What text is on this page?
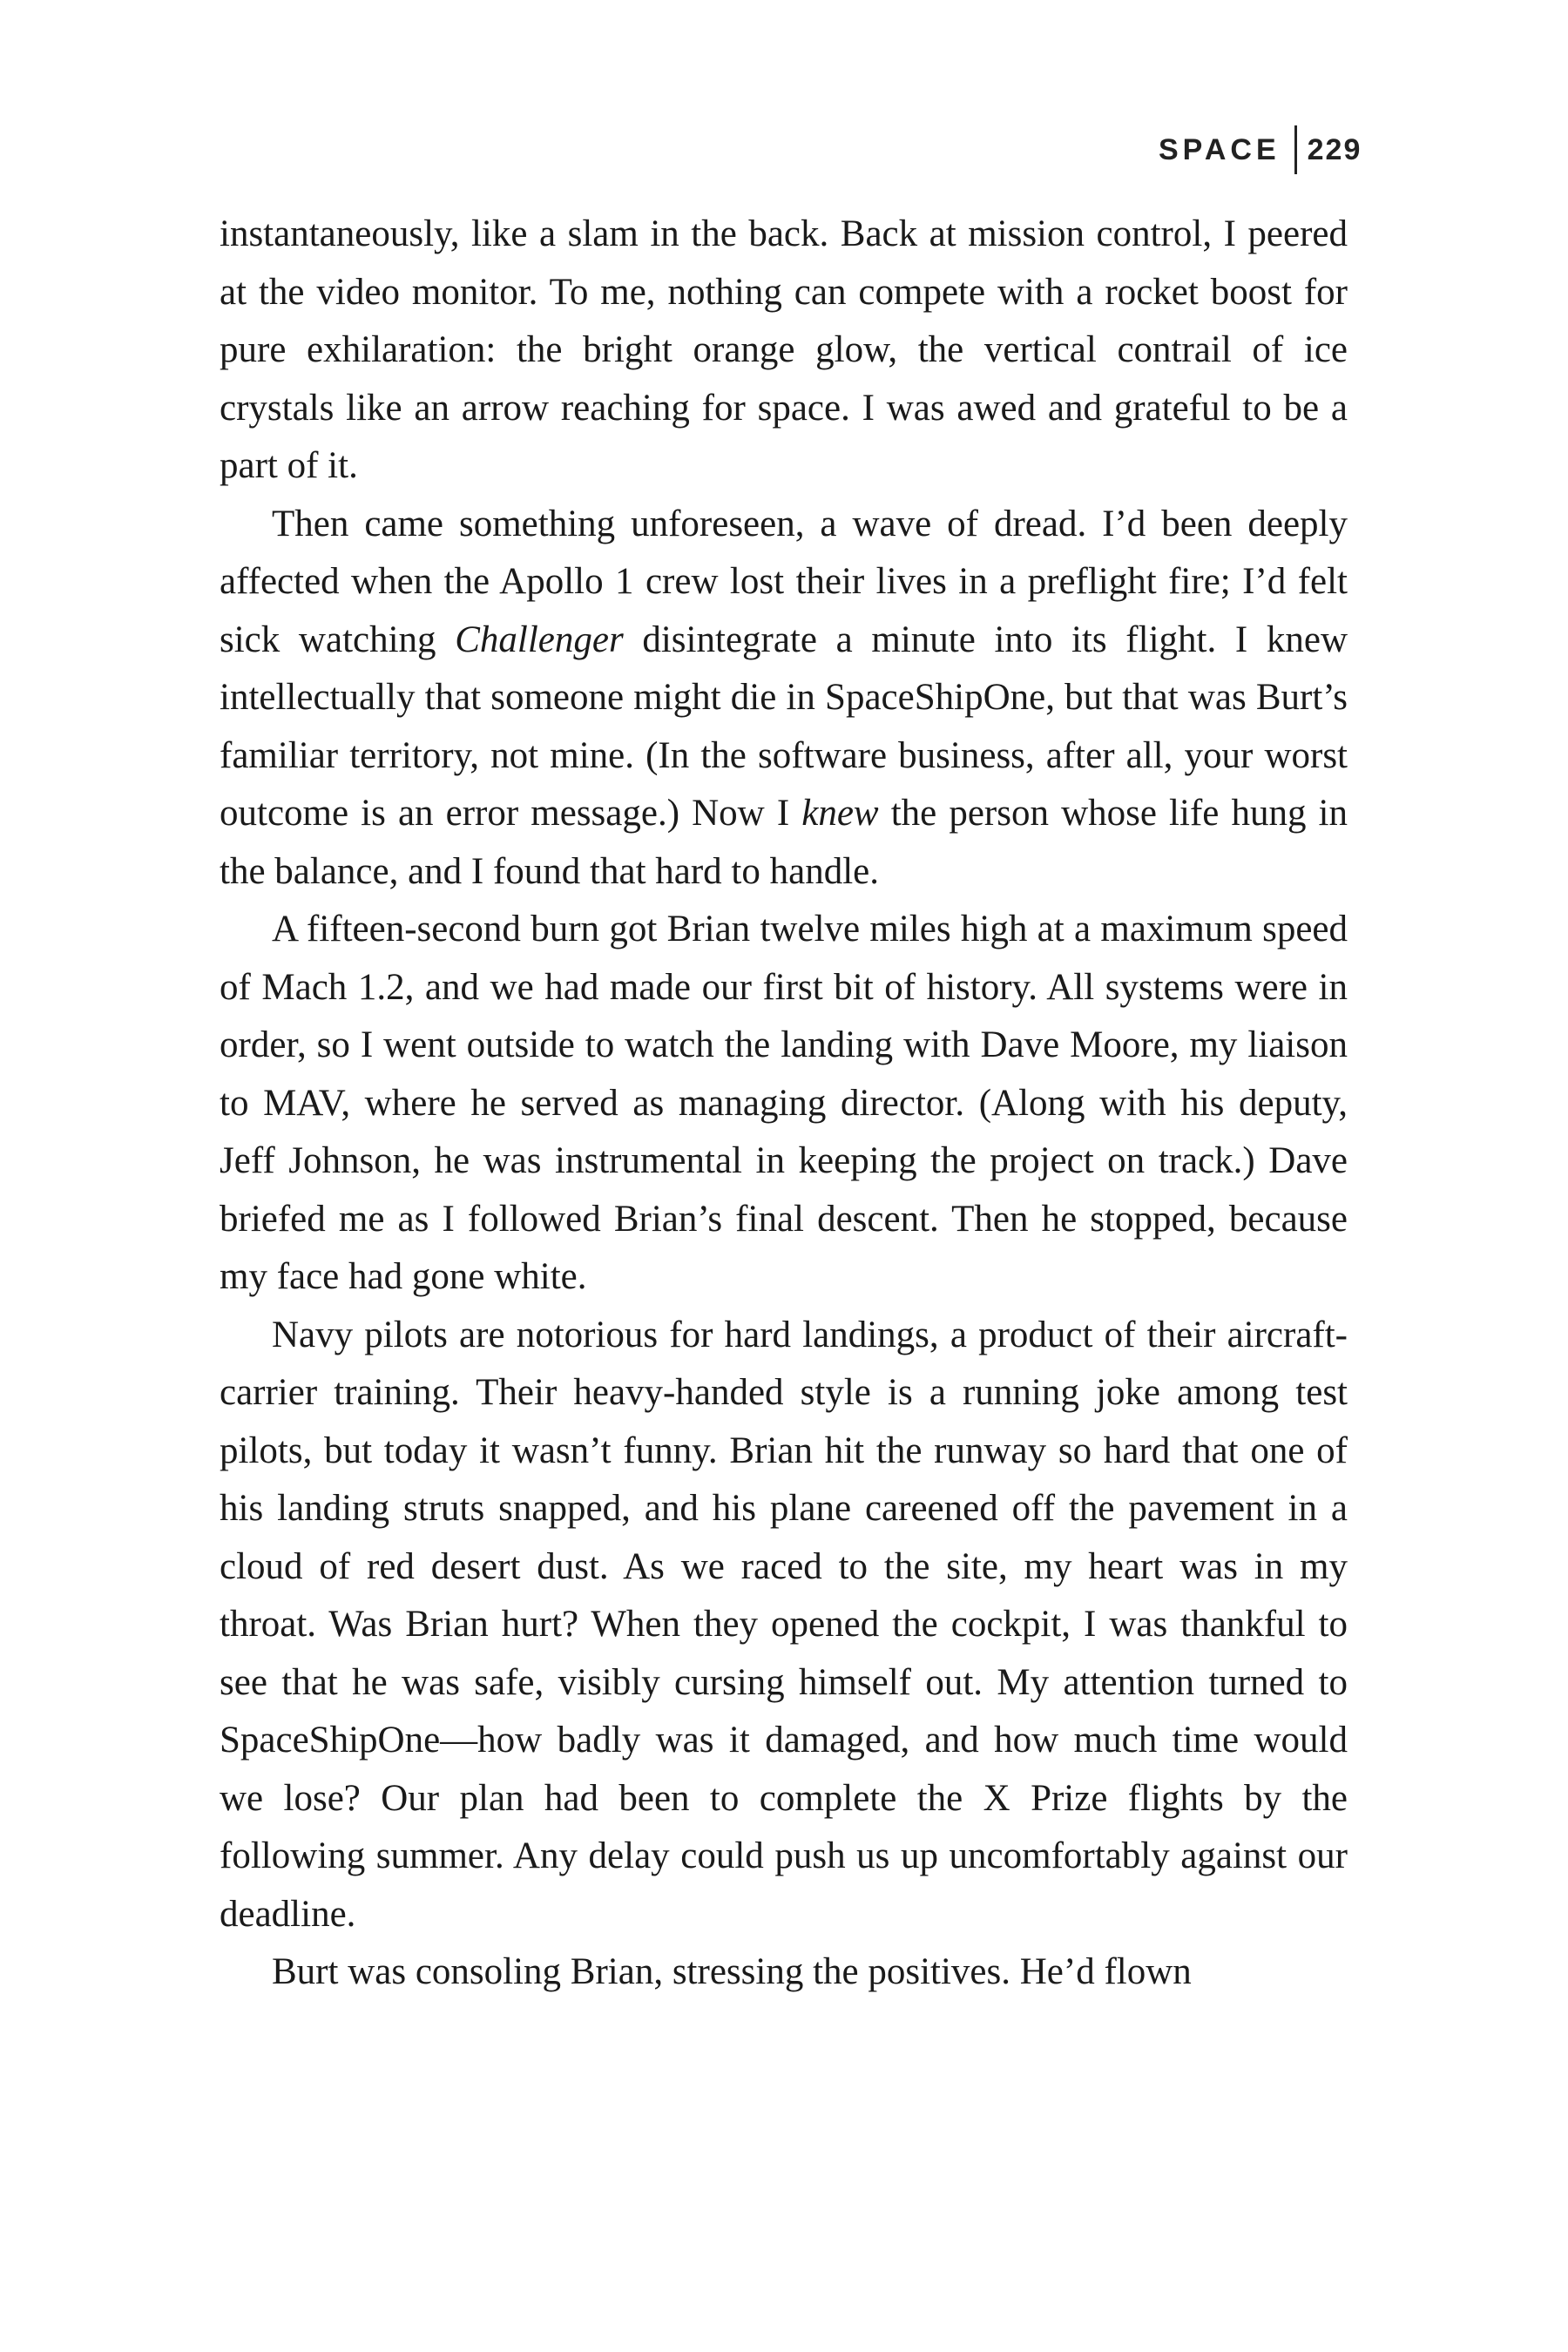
SPACE 229

instantaneously, like a slam in the back. Back at mission control, I peered at the video monitor. To me, nothing can compete with a rocket boost for pure exhilaration: the bright orange glow, the vertical contrail of ice crystals like an arrow reaching for space. I was awed and grateful to be a part of it.

Then came something unforeseen, a wave of dread. I’d been deeply affected when the Apollo 1 crew lost their lives in a preflight fire; I’d felt sick watching Challenger disintegrate a minute into its flight. I knew intellectually that someone might die in SpaceShipOne, but that was Burt’s familiar territory, not mine. (In the software business, after all, your worst outcome is an error message.) Now I knew the person whose life hung in the balance, and I found that hard to handle.

A fifteen-second burn got Brian twelve miles high at a maximum speed of Mach 1.2, and we had made our first bit of history. All systems were in order, so I went outside to watch the landing with Dave Moore, my liaison to MAV, where he served as managing director. (Along with his deputy, Jeff Johnson, he was instrumental in keeping the project on track.) Dave briefed me as I followed Brian’s final descent. Then he stopped, because my face had gone white.

Navy pilots are notorious for hard landings, a product of their aircraft-carrier training. Their heavy-handed style is a running joke among test pilots, but today it wasn’t funny. Brian hit the runway so hard that one of his landing struts snapped, and his plane careened off the pavement in a cloud of red desert dust. As we raced to the site, my heart was in my throat. Was Brian hurt? When they opened the cockpit, I was thankful to see that he was safe, visibly cursing himself out. My attention turned to SpaceShipOne—how badly was it damaged, and how much time would we lose? Our plan had been to complete the X Prize flights by the following summer. Any delay could push us up uncomfortably against our deadline.

Burt was consoling Brian, stressing the positives. He’d flown
